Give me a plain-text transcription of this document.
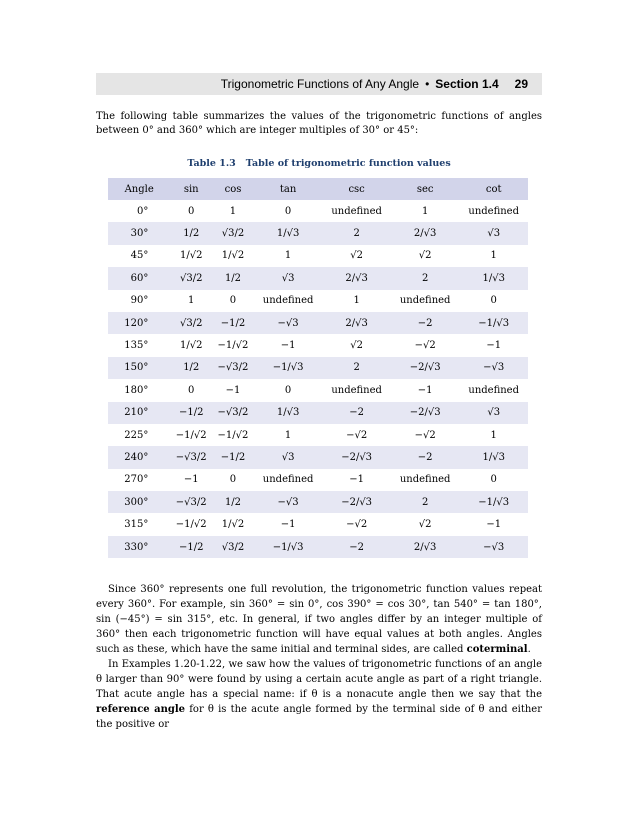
Trigonometric Functions of Any Angle • Section 1.4 29
The following table summarizes the values of the trigonometric functions of angles between 0° and 360° which are integer multiples of 30° or 45°:
Table 1.3 Table of trigonometric function values
Angle	sin	cos	tan	csc	sec	cot
0°	0	1	0	undefined	1	undefined
30°	1/2	√3/2	1/√3	2	2/√3	√3
45°	1/√2	1/√2	1	√2	√2	1
60°	√3/2	1/2	√3	2/√3	2	1/√3
90°	1	0	undefined	1	undefined	0
120°	√3/2	−1/2	−√3	2/√3	−2	−1/√3
135°	1/√2	−1/√2	−1	√2	−√2	−1
150°	1/2	−√3/2	−1/√3	2	−2/√3	−√3
180°	0	−1	0	undefined	−1	undefined
210°	−1/2	−√3/2	1/√3	−2	−2/√3	√3
225°	−1/√2	−1/√2	1	−√2	−√2	1
240°	−√3/2	−1/2	√3	−2/√3	−2	1/√3
270°	−1	0	undefined	−1	undefined	0
300°	−√3/2	1/2	−√3	−2/√3	2	−1/√3
315°	−1/√2	1/√2	−1	−√2	√2	−1
330°	−1/2	√3/2	−1/√3	−2	2/√3	−√3

Since 360° represents one full revolution, the trigonometric function values repeat every 360°. For example, sin 360° = sin 0°, cos 390° = cos 30°, tan 540° = tan 180°, sin (−45°) = sin 315°, etc. In general, if two angles differ by an integer multiple of 360° then each trigonometric function will have equal values at both angles. Angles such as these, which have the same initial and terminal sides, are called coterminal.

In Examples 1.20-1.22, we saw how the values of trigonometric functions of an angle θ larger than 90° were found by using a certain acute angle as part of a right triangle. That acute angle has a special name: if θ is a nonacute angle then we say that the reference angle for θ is the acute angle formed by the terminal side of θ and either the positive or
